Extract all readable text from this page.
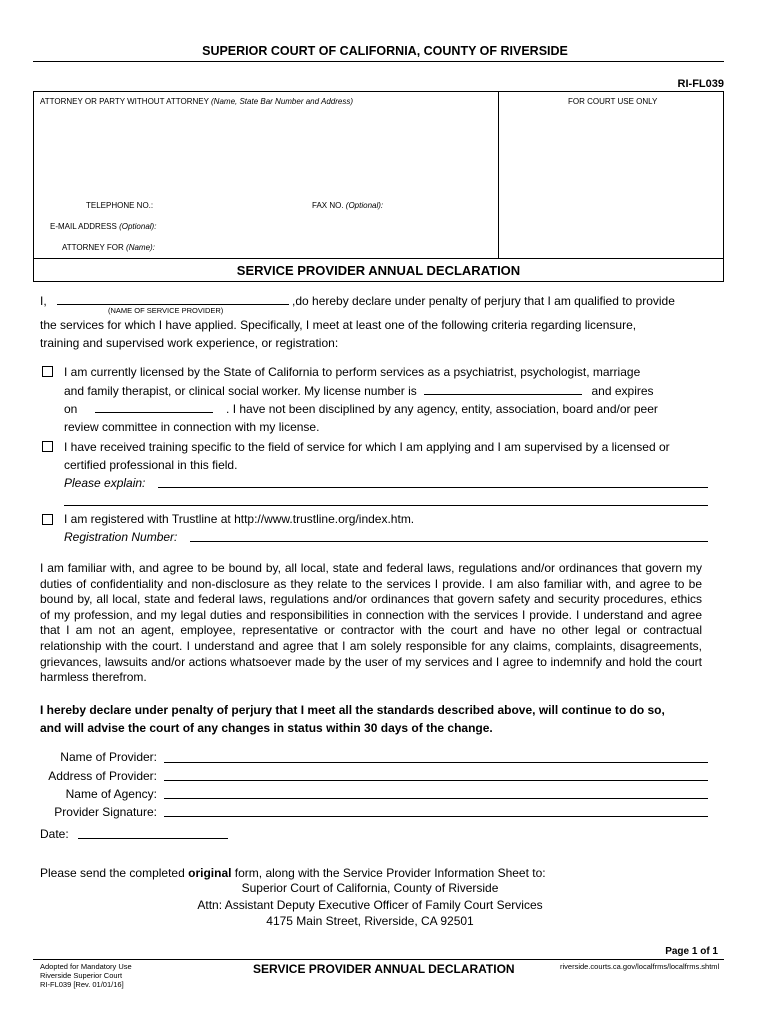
SUPERIOR COURT OF CALIFORNIA, COUNTY OF RIVERSIDE
RI-FL039
ATTORNEY OR PARTY WITHOUT ATTORNEY (Name, State Bar Number and Address)	FOR COURT USE ONLY
TELEPHONE NO.:	FAX NO. (Optional):
E-MAIL ADDRESS (Optional):
ATTORNEY FOR (Name):
SERVICE PROVIDER ANNUAL DECLARATION
I,	,do hereby declare under penalty of perjury that I am qualified to provide
(NAME OF SERVICE PROVIDER)
the services for which I have applied. Specifically, I meet at least one of the following criteria regarding licensure,
training and supervised work experience, or registration:
I am currently licensed by the State of California to perform services as a psychiatrist, psychologist, marriage
and family therapist, or clinical social worker. My license number is	and expires
on	. I have not been disciplined by any agency, entity, association, board and/or peer
review committee in connection with my license.
I have received training specific to the field of service for which I am applying and I am supervised by a licensed or
certified professional in this field.
Please explain:
I am registered with Trustline at http://www.trustline.org/index.htm.
Registration Number:
I am familiar with, and agree to be bound by, all local, state and federal laws, regulations and/or ordinances that govern my duties of confidentiality and non-disclosure as they relate to the services I provide. I am also familiar with, and agree to be bound by, all local, state and federal laws, regulations and/or ordinances that govern safety and security procedures, ethics of my profession, and my legal duties and responsibilities in connection with the services I provide. I understand and agree that I am not an agent, employee, representative or contractor with the court and have no other legal or contractual relationship with the court. I understand and agree that I am solely responsible for any claims, complaints, disagreements, grievances, lawsuits and/or actions whatsoever made by the user of my services and I agree to indemnify and hold the court harmless therefrom.
I hereby declare under penalty of perjury that I meet all the standards described above, will continue to do so,
and will advise the court of any changes in status within 30 days of the change.
Name of Provider:
Address of Provider:
Name of Agency:
Provider Signature:
Date:
Please send the completed original form, along with the Service Provider Information Sheet to:
Superior Court of California, County of Riverside
Attn: Assistant Deputy Executive Officer of Family Court Services
4175 Main Street, Riverside, CA 92501
Page 1 of 1
Adopted for Mandatory Use
Riverside Superior Court
RI-FL039 [Rev. 01/01/16]
SERVICE PROVIDER ANNUAL DECLARATION	riverside.courts.ca.gov/localfrms/localfrms.shtml
